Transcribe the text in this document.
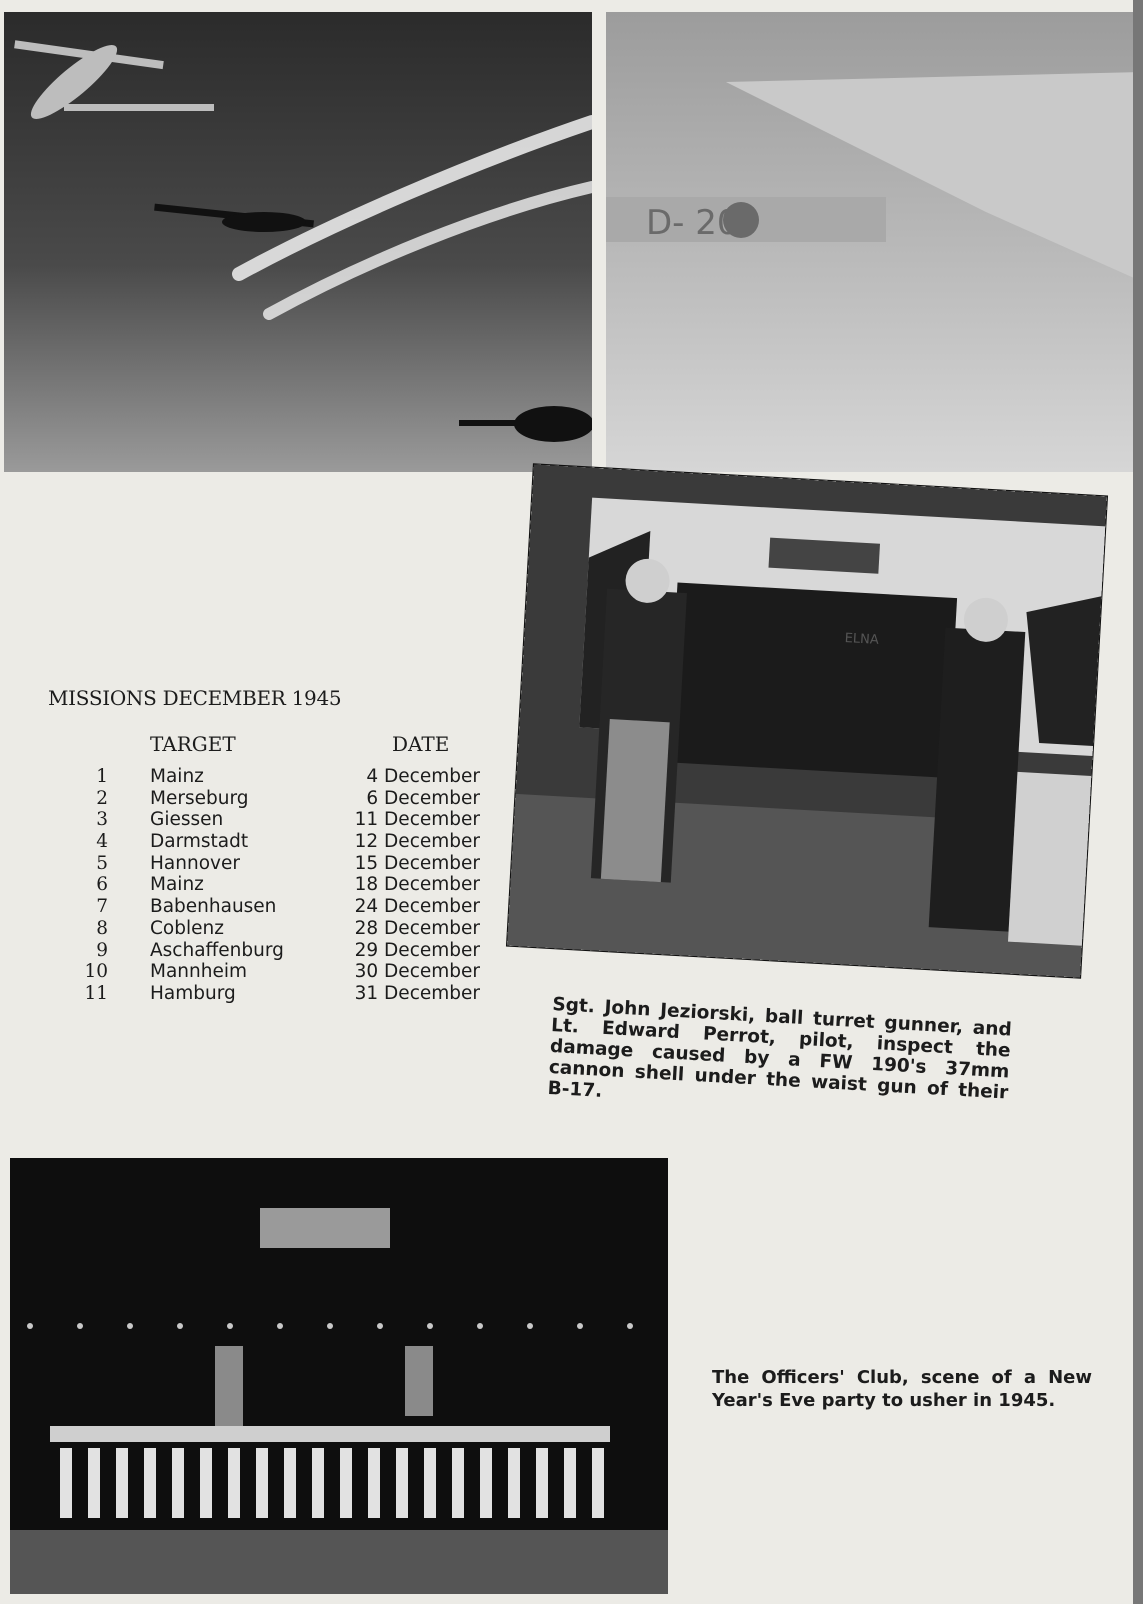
D- 20
ELNA
Sgt. John Jeziorski, ball turret gunner, and Lt. Edward Perrot, pilot, inspect the damage caused by a FW 190's 37mm cannon shell under the waist gun of their B-17.
MISSIONS DECEMBER 1945
TARGET	DATE
1 Mainz	4 December
2 Merseburg	6 December
3 Giessen	11 December
4 Darmstadt	12 December
5 Hannover	15 December
6 Mainz	18 December
7 Babenhausen	24 December
8 Coblenz	28 December
9 Aschaffenburg	29 December
10 Mannheim	30 December
11 Hamburg	31 December
The Officers' Club, scene of a New Year's Eve party to usher in 1945.
